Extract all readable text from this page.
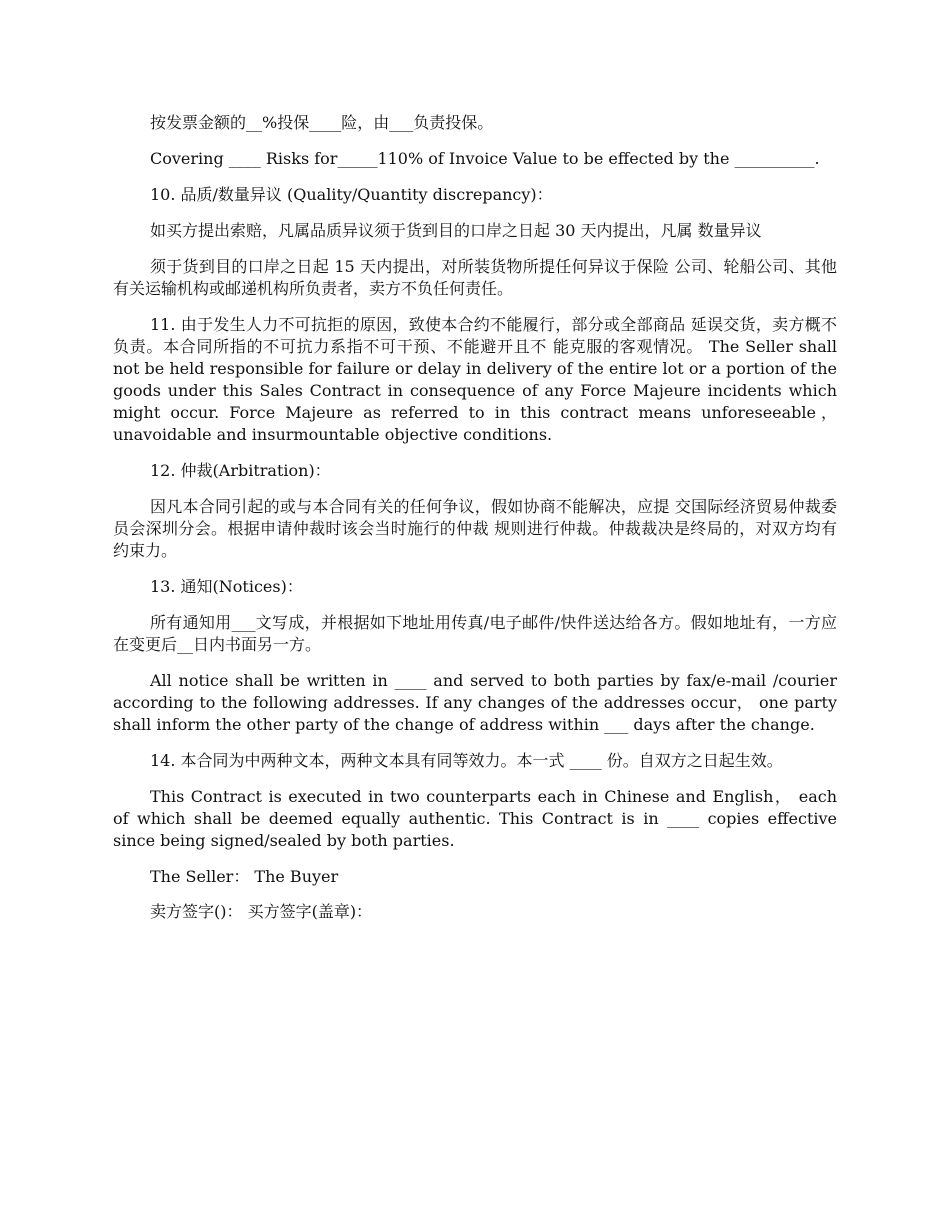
按发票金额的__%投保____险，由___负责投保。

Covering ____ Risks for_____110% of Invoice Value to be effected by the __________.

10. 品质/数量异议 (Quality/Quantity discrepancy)：

如买方提出索赔，凡属品质异议须于货到目的口岸之日起 30 天内提出，凡属 数量异议

须于货到目的口岸之日起 15 天内提出，对所装货物所提任何异议于保险 公司、轮船公司、其他有关运输机构或邮递机构所负责者，卖方不负任何责任。

11. 由于发生人力不可抗拒的原因，致使本合约不能履行，部分或全部商品 延误交货，卖方概不负责。本合同所指的不可抗力系指不可干预、不能避开且不 能克服的客观情况。 The Seller shall not be held responsible for failure or delay in delivery of the entire lot or a portion of the goods under this Sales Contract in consequence of any Force Majeure incidents which might occur. Force Majeure as referred to in this contract means unforeseeable， unavoidable and insurmountable objective conditions.

12. 仲裁(Arbitration)：

因凡本合同引起的或与本合同有关的任何争议，假如协商不能解决，应提 交国际经济贸易仲裁委员会深圳分会。根据申请仲裁时该会当时施行的仲裁 规则进行仲裁。仲裁裁决是终局的，对双方均有约束力。

13. 通知(Notices)：

所有通知用___文写成，并根据如下地址用传真/电子邮件/快件送达给各方。假如地址有，一方应在变更后__日内书面另一方。

All notice shall be written in ____ and served to both parties by fax/e-mail /courier according to the following addresses. If any changes of the addresses occur， one party shall inform the other party of the change of address within ___ days after the change.

14. 本合同为中两种文本，两种文本具有同等效力。本一式 ____ 份。自双方之日起生效。

This Contract is executed in two counterparts each in Chinese and English， each of which shall be deemed equally authentic. This Contract is in ____ copies effective since being signed/sealed by both parties.

The Seller： The Buyer

卖方签字()： 买方签字(盖章)：
